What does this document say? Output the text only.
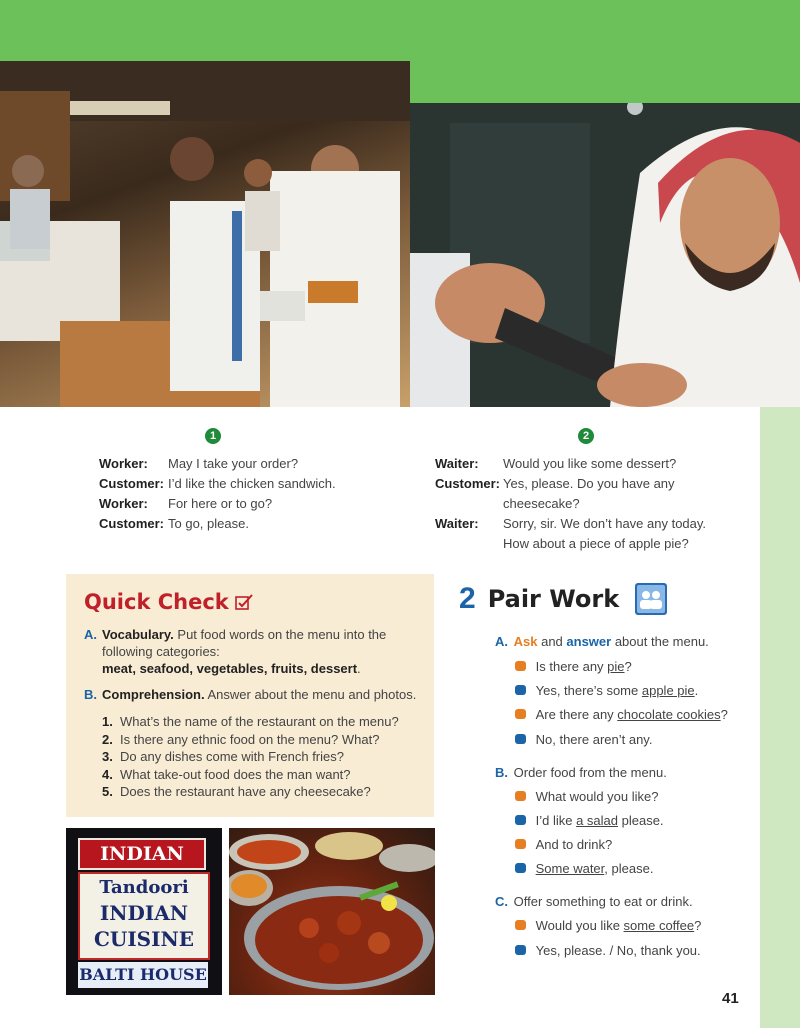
1
Worker:	May I take your order?
Customer: I’d like the chicken sandwich.
Worker:	For here or to go?
Customer: To go, please.
2
Waiter:	Would you like some dessert?
Customer: Yes, please. Do you have any
cheesecake?
Waiter:	Sorry, sir. We don’t have any today.
How about a piece of apple pie?
Quick Check
A. Vocabulary. Put food words on the menu into the following categories:
meat, seafood, vegetables, fruits, dessert.
B. Comprehension. Answer about the menu and photos.
1. What’s the name of the restaurant on the menu?
2. Is there any ethnic food on the menu? What?
3. Do any dishes come with French fries?
4. What take-out food does the man want?
5. Does the restaurant have any cheesecake?
INDIAN
Tandoori
INDIAN
CUISINE
BALTI HOUSE
2 Pair Work
A. Ask and answer about the menu.
Is there any pie?
Yes, there’s some apple pie.
Are there any chocolate cookies?
No, there aren’t any.
B. Order food from the menu.
What would you like?
I’d like a salad please.
And to drink?
Some water, please.
C. Offer something to eat or drink.
Would you like some coffee?
Yes, please. / No, thank you.
41
